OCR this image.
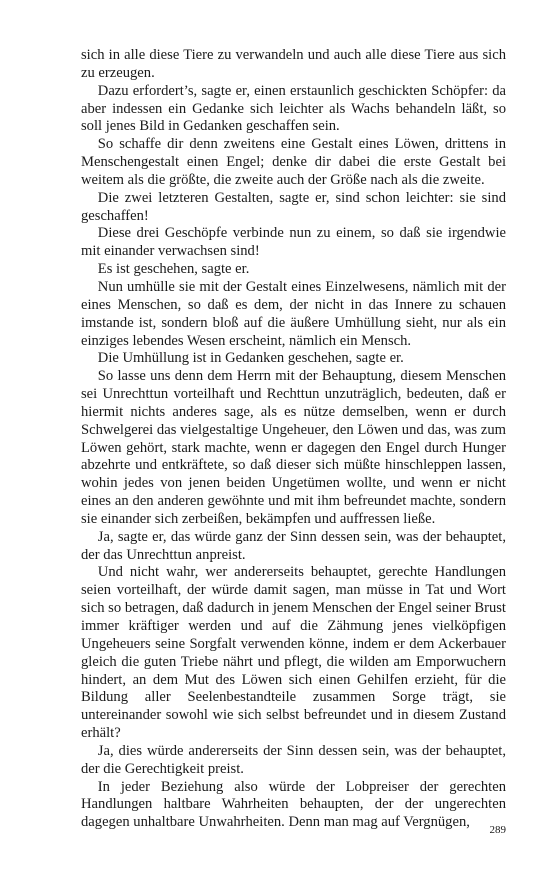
sich in alle diese Tiere zu verwandeln und auch alle diese Tiere aus sich zu erzeugen.

Dazu erfordert’s, sagte er, einen erstaunlich geschickten Schöpfer: da aber indessen ein Gedanke sich leichter als Wachs behandeln läßt, so soll jenes Bild in Gedanken geschaffen sein.

So schaffe dir denn zweitens eine Gestalt eines Löwen, drittens in Menschengestalt einen Engel; denke dir dabei die erste Gestalt bei weitem als die größte, die zweite auch der Größe nach als die zweite.

Die zwei letzteren Gestalten, sagte er, sind schon leichter: sie sind geschaffen!

Diese drei Geschöpfe verbinde nun zu einem, so daß sie irgendwie mit einander verwachsen sind!

Es ist geschehen, sagte er.

Nun umhülle sie mit der Gestalt eines Einzelwesens, nämlich mit der eines Menschen, so daß es dem, der nicht in das Innere zu schauen imstande ist, sondern bloß auf die äußere Umhüllung sieht, nur als ein einziges lebendes Wesen erscheint, nämlich ein Mensch.

Die Umhüllung ist in Gedanken geschehen, sagte er.

So lasse uns denn dem Herrn mit der Behauptung, diesem Menschen sei Unrechttun vorteilhaft und Rechttun unzuträglich, bedeuten, daß er hiermit nichts anderes sage, als es nütze demselben, wenn er durch Schwelgerei das vielgestaltige Ungeheuer, den Löwen und das, was zum Löwen gehört, stark machte, wenn er dagegen den Engel durch Hunger abzehrte und entkräftete, so daß dieser sich müßte hinschleppen lassen, wohin jedes von jenen beiden Ungetümen wollte, und wenn er nicht eines an den anderen gewöhnte und mit ihm befreundet machte, sondern sie einander sich zerbeißen, bekämpfen und auffressen ließe.

Ja, sagte er, das würde ganz der Sinn dessen sein, was der behauptet, der das Unrechttun anpreist.

Und nicht wahr, wer andererseits behauptet, gerechte Handlungen seien vorteilhaft, der würde damit sagen, man müsse in Tat und Wort sich so betragen, daß dadurch in jenem Menschen der Engel seiner Brust immer kräftiger werden und auf die Zähmung jenes vielköpfigen Ungeheuers seine Sorgfalt verwenden könne, indem er dem Ackerbauer gleich die guten Triebe nährt und pflegt, die wilden am Emporwuchern hindert, an dem Mut des Löwen sich einen Gehilfen erzieht, für die Bildung aller Seelenbestandteile zusammen Sorge trägt, sie untereinander sowohl wie sich selbst befreundet und in diesem Zustand erhält?

Ja, dies würde andererseits der Sinn dessen sein, was der behauptet, der die Gerechtigkeit preist.

In jeder Beziehung also würde der Lobpreiser der gerechten Handlungen haltbare Wahrheiten behaupten, der der ungerechten dagegen unhaltbare Unwahrheiten. Denn man mag auf Vergnügen,	289
